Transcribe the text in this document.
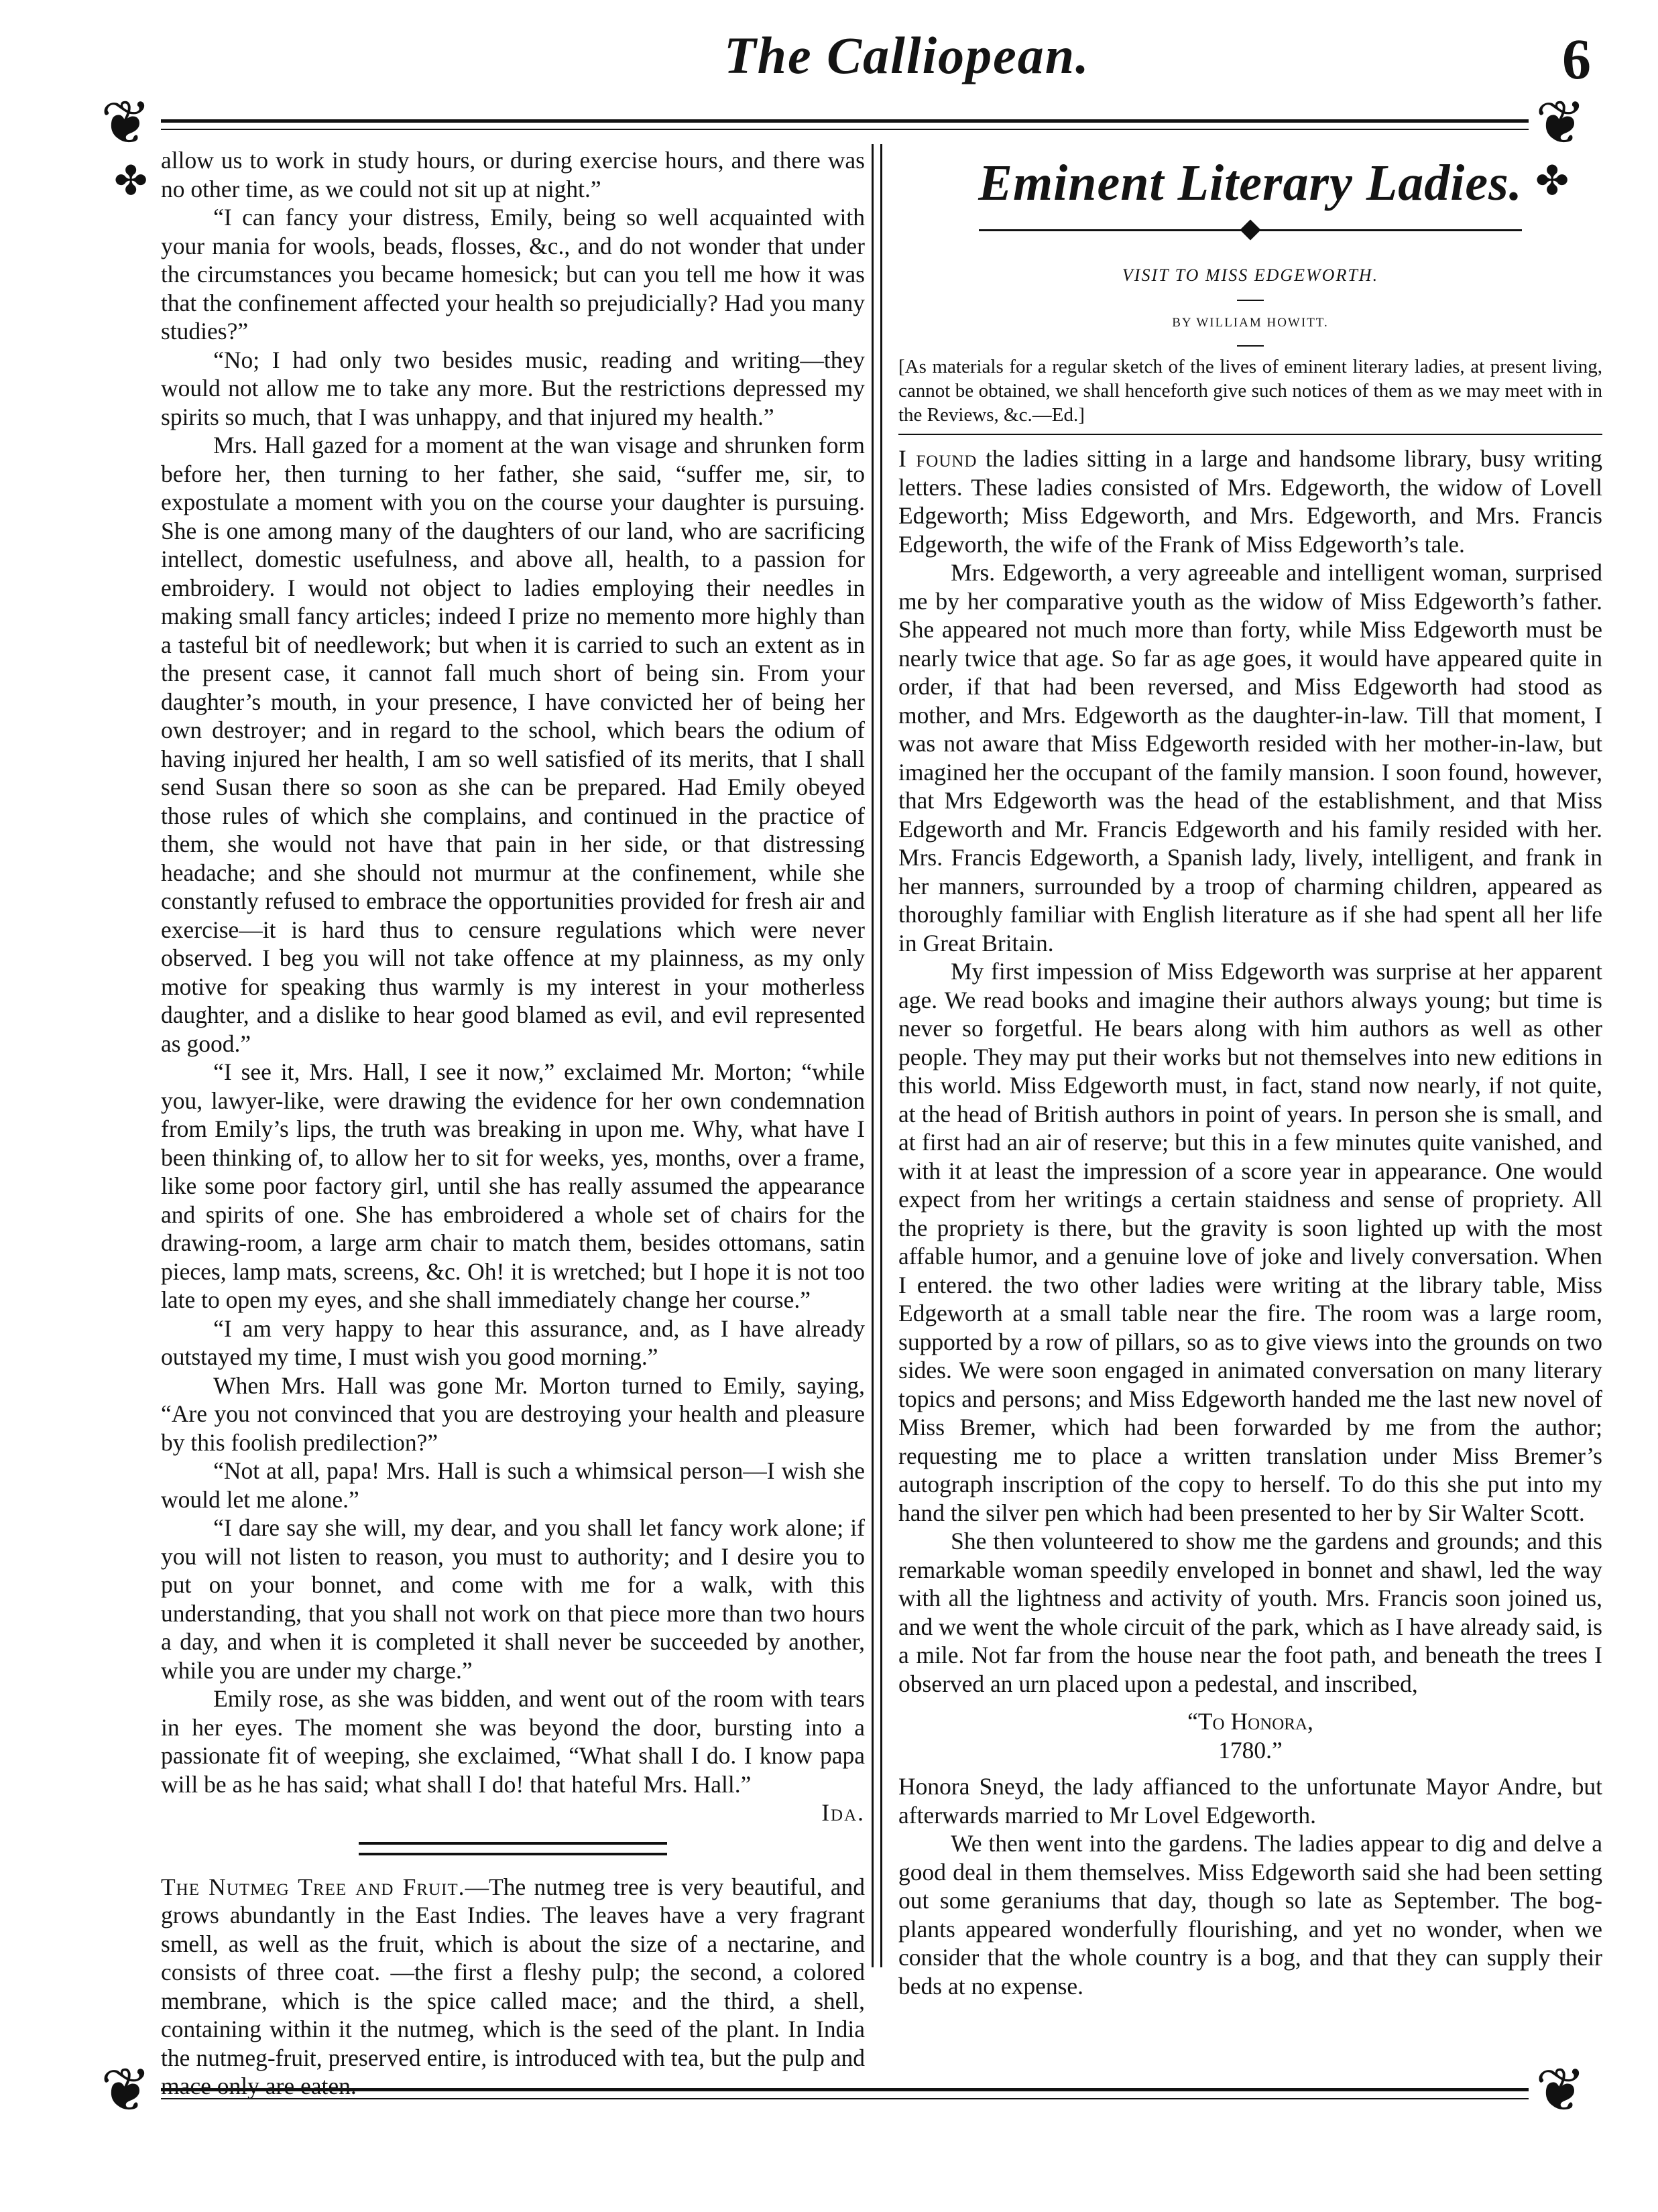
The Calliopean.	6
❦	❦
✤	✤

allow us to work in study hours, or during exercise hours, and there was no other time, as we could not sit up at night.”

“I can fancy your distress, Emily, being so well acquainted with your mania for wools, beads, flosses, &c., and do not wonder that under the circumstances you became homesick; but can you tell me how it was that the confinement affected your health so prejudicially? Had you many studies?”

“No; I had only two besides music, reading and writing—they would not allow me to take any more. But the restrictions depressed my spirits so much, that I was unhappy, and that injured my health.”

Mrs. Hall gazed for a moment at the wan visage and shrunken form before her, then turning to her father, she said, “suffer me, sir, to expostulate a moment with you on the course your daughter is pursuing. She is one among many of the daughters of our land, who are sacrificing intellect, domestic usefulness, and above all, health, to a passion for embroidery. I would not object to ladies employing their needles in making small fancy articles; indeed I prize no memento more highly than a tasteful bit of needlework; but when it is carried to such an extent as in the present case, it cannot fall much short of being sin. From your daughter’s mouth, in your presence, I have convicted her of being her own destroyer; and in regard to the school, which bears the odium of having injured her health, I am so well satisfied of its merits, that I shall send Susan there so soon as she can be prepared. Had Emily obeyed those rules of which she complains, and continued in the practice of them, she would not have that pain in her side, or that distressing headache; and she should not murmur at the confinement, while she constantly refused to embrace the opportunities provided for fresh air and exercise—it is hard thus to censure regulations which were never observed. I beg you will not take offence at my plainness, as my only motive for speaking thus warmly is my interest in your motherless daughter, and a dislike to hear good blamed as evil, and evil represented as good.”

“I see it, Mrs. Hall, I see it now,” exclaimed Mr. Morton; “while you, lawyer-like, were drawing the evidence for her own condemnation from Emily’s lips, the truth was breaking in upon me. Why, what have I been thinking of, to allow her to sit for weeks, yes, months, over a frame, like some poor factory girl, until she has really assumed the appearance and spirits of one. She has embroidered a whole set of chairs for the drawing-room, a large arm chair to match them, besides ottomans, satin pieces, lamp mats, screens, &c. Oh! it is wretched; but I hope it is not too late to open my eyes, and she shall immediately change her course.”

“I am very happy to hear this assurance, and, as I have already outstayed my time, I must wish you good morning.”

When Mrs. Hall was gone Mr. Morton turned to Emily, saying, “Are you not convinced that you are destroying your health and pleasure by this foolish predilection?”

“Not at all, papa! Mrs. Hall is such a whimsical person—I wish she would let me alone.”

“I dare say she will, my dear, and you shall let fancy work alone; if you will not listen to reason, you must to authority; and I desire you to put on your bonnet, and come with me for a walk, with this understanding, that you shall not work on that piece more than two hours a day, and when it is completed it shall never be succeeded by another, while you are under my charge.”

Emily rose, as she was bidden, and went out of the room with tears in her eyes. The moment she was beyond the door, bursting into a passionate fit of weeping, she exclaimed, “What shall I do. I know papa will be as he has said; what shall I do! that hateful Mrs. Hall.”

Ida.

The Nutmeg Tree and Fruit.—The nutmeg tree is very beautiful, and grows abundantly in the East Indies. The leaves have a very fragrant smell, as well as the fruit, which is about the size of a nectarine, and consists of three coat. —the first a fleshy pulp; the second, a colored membrane, which is the spice called mace; and the third, a shell, containing within it the nutmeg, which is the seed of the plant. In India the nutmeg-fruit, preserved entire, is introduced with tea, but the pulp and mace only are eaten.

Eminent Literary Ladies.
VISIT TO MISS EDGEWORTH.
BY WILLIAM HOWITT.
[As materials for a regular sketch of the lives of eminent literary ladies, at present living, cannot be obtained, we shall henceforth give such notices of them as we may meet with in the Reviews, &c.—Ed.]

I found the ladies sitting in a large and handsome library, busy writing letters. These ladies consisted of Mrs. Edgeworth, the widow of Lovell Edgeworth; Miss Edgeworth, and Mrs. Edgeworth, and Mrs. Francis Edgeworth, the wife of the Frank of Miss Edgeworth’s tale.

Mrs. Edgeworth, a very agreeable and intelligent woman, surprised me by her comparative youth as the widow of Miss Edgeworth’s father. She appeared not much more than forty, while Miss Edgeworth must be nearly twice that age. So far as age goes, it would have appeared quite in order, if that had been reversed, and Miss Edgeworth had stood as mother, and Mrs. Edgeworth as the daughter-in-law. Till that moment, I was not aware that Miss Edgeworth resided with her mother-in-law, but imagined her the occupant of the family mansion. I soon found, however, that Mrs Edgeworth was the head of the establishment, and that Miss Edgeworth and Mr. Francis Edgeworth and his family resided with her. Mrs. Francis Edgeworth, a Spanish lady, lively, intelligent, and frank in her manners, surrounded by a troop of charming children, appeared as thoroughly familiar with English literature as if she had spent all her life in Great Britain.

My first impession of Miss Edgeworth was surprise at her apparent age. We read books and imagine their authors always young; but time is never so forgetful. He bears along with him authors as well as other people. They may put their works but not themselves into new editions in this world. Miss Edgeworth must, in fact, stand now nearly, if not quite, at the head of British authors in point of years. In person she is small, and at first had an air of reserve; but this in a few minutes quite vanished, and with it at least the impression of a score year in appearance. One would expect from her writings a certain staidness and sense of propriety. All the propriety is there, but the gravity is soon lighted up with the most affable humor, and a genuine love of joke and lively conversation. When I entered. the two other ladies were writing at the library table, Miss Edgeworth at a small table near the fire. The room was a large room, supported by a row of pillars, so as to give views into the grounds on two sides. We were soon engaged in animated conversation on many literary topics and persons; and Miss Edgeworth handed me the last new novel of Miss Bremer, which had been forwarded by me from the author; requesting me to place a written translation under Miss Bremer’s autograph inscription of the copy to herself. To do this she put into my hand the silver pen which had been presented to her by Sir Walter Scott.

She then volunteered to show me the gardens and grounds; and this remarkable woman speedily enveloped in bonnet and shawl, led the way with all the lightness and activity of youth. Mrs. Francis soon joined us, and we went the whole circuit of the park, which as I have already said, is a mile. Not far from the house near the foot path, and beneath the trees I observed an urn placed upon a pedestal, and inscribed,

“To Honora,
1780.”

Honora Sneyd, the lady affianced to the unfortunate Mayor Andre, but afterwards married to Mr Lovel Edgeworth.

We then went into the gardens. The ladies appear to dig and delve a good deal in them themselves. Miss Edgeworth said she had been setting out some geraniums that day, though so late as September. The bog-plants appeared wonderfully flourishing, and yet no wonder, when we consider that the whole country is a bog, and that they can supply their beds at no expense.

❦	❦
